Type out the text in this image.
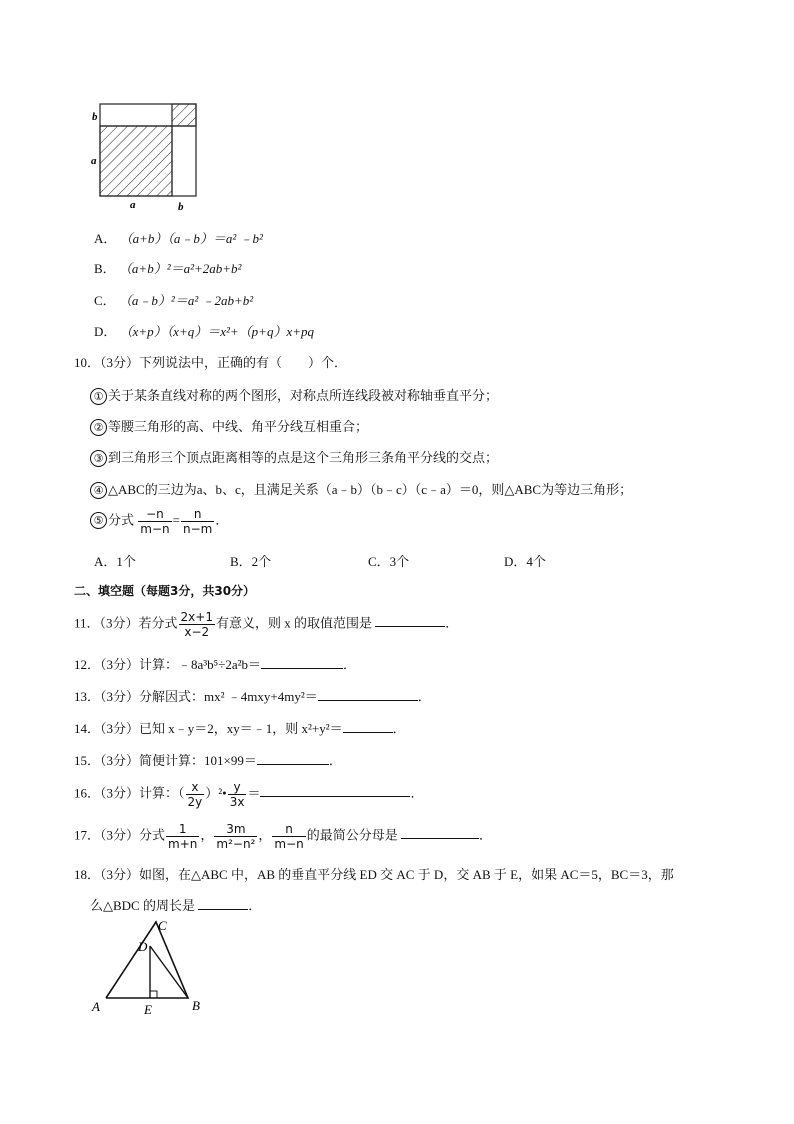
b
a
a	b
A． （a+b）（a﹣b）＝a² ﹣b²
B． （a+b）²＝a²+2ab+b²
C． （a﹣b）²＝a² ﹣2ab+b²
D． （x+p）（x+q）＝x²+（p+q）x+pq
10．（3分）下列说法中，正确的有（　　）个．
① 关于某条直线对称的两个图形，对称点所连线段被对称轴垂直平分；
② 等腰三角形的高、中线、角平分线互相重合；
③ 到三角形三个顶点距离相等的点是这个三角形三条角平分线的交点；
④ △ABC的三边为a、b、c，且满足关系（a﹣b）（b﹣c）（c﹣a）＝0，则△ABC为等边三角形；
⑤ 分式 $\frac{-n}{m-n} = \frac{n}{n-m}$ ．
A．1个	B．2个	C．3个	D．4个
二、填空题（每题3分，共30分）
11．（3分）若分式 $\frac{2x+1}{x-2}$ 有意义，则 x 的取值范围是	．
12．（3分）计算：﹣8a³b⁵÷2a²b＝	．
13．（3分）分解因式：mx² ﹣4mxy+4my²＝	．
14．（3分）已知 x﹣y＝2，xy＝﹣1，则 x²+y²＝	．
15．（3分）简便计算：101×99＝	．
16．（3分）计算：（ $\frac{x}{2y}$ ）²• $\frac{y}{3x}$ ＝	．
17．（3分）分式 $\frac{1}{m+n}$ ， $\frac{3m}{\text{m²−n²}}$ ， $\frac{n}{m-n}$ 的最简公分母是	．
18．（3分）如图，在△ABC 中，AB 的垂直平分线 ED 交 AC 于 D，交 AB 于 E，如果 AC＝5，BC＝3，那
么△BDC 的周长是	．
A	B
C
D
E
